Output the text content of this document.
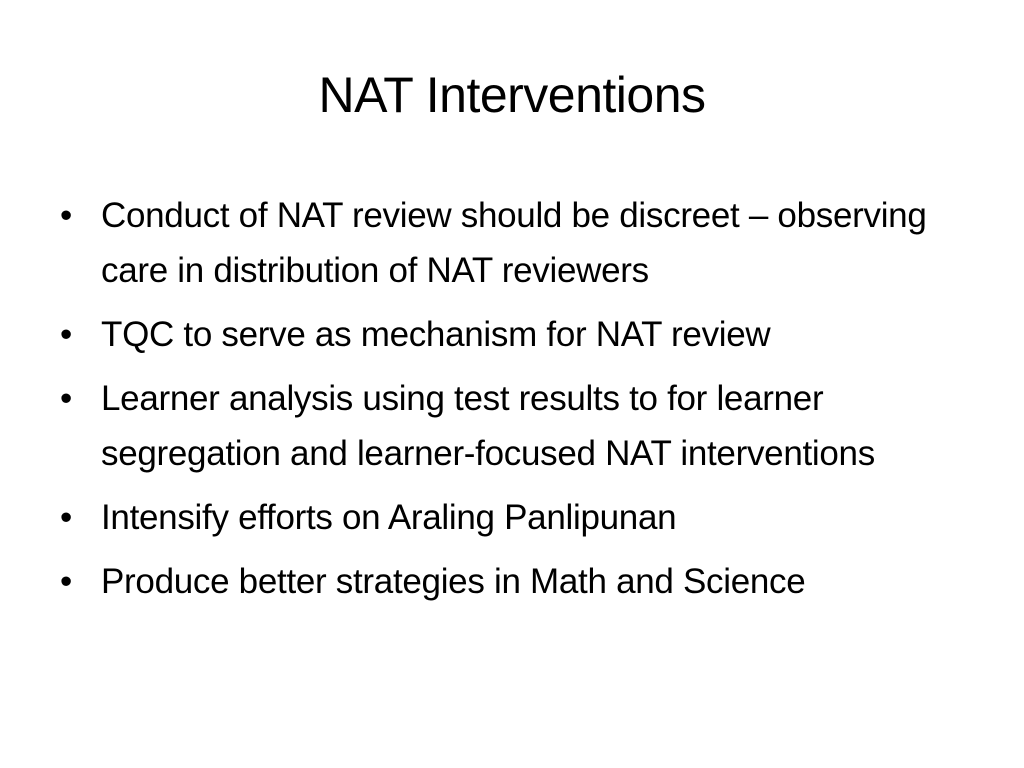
NAT Interventions
• Conduct of NAT review should be discreet – observing care in distribution of NAT reviewers
• TQC to serve as mechanism for NAT review
• Learner analysis using test results to for learner segregation and learner-focused NAT interventions
• Intensify efforts on Araling Panlipunan
• Produce better strategies in Math and Science
